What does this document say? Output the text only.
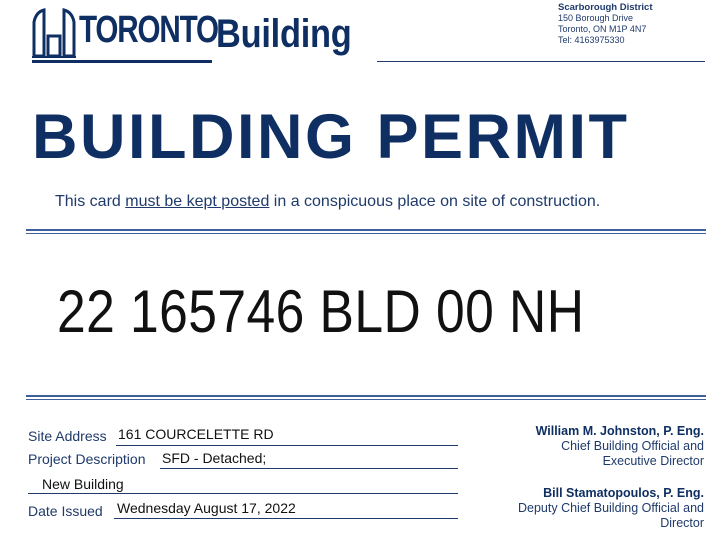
TORONTO
Building
Scarborough District
150 Borough Drive
Toronto, ON M1P 4N7
Tel: 4163975330
BUILDING PERMIT
This card must be kept posted in a conspicuous place on site of construction.
22 165746 BLD 00 NH
Site Address 161 COURCELETTE RD
Project Description SFD - Detached;
New Building
Date Issued Wednesday August 17, 2022
William M. Johnston, P. Eng.
Chief Building Official and
Executive Director
Bill Stamatopoulos, P. Eng.
Deputy Chief Building Official and
Director
